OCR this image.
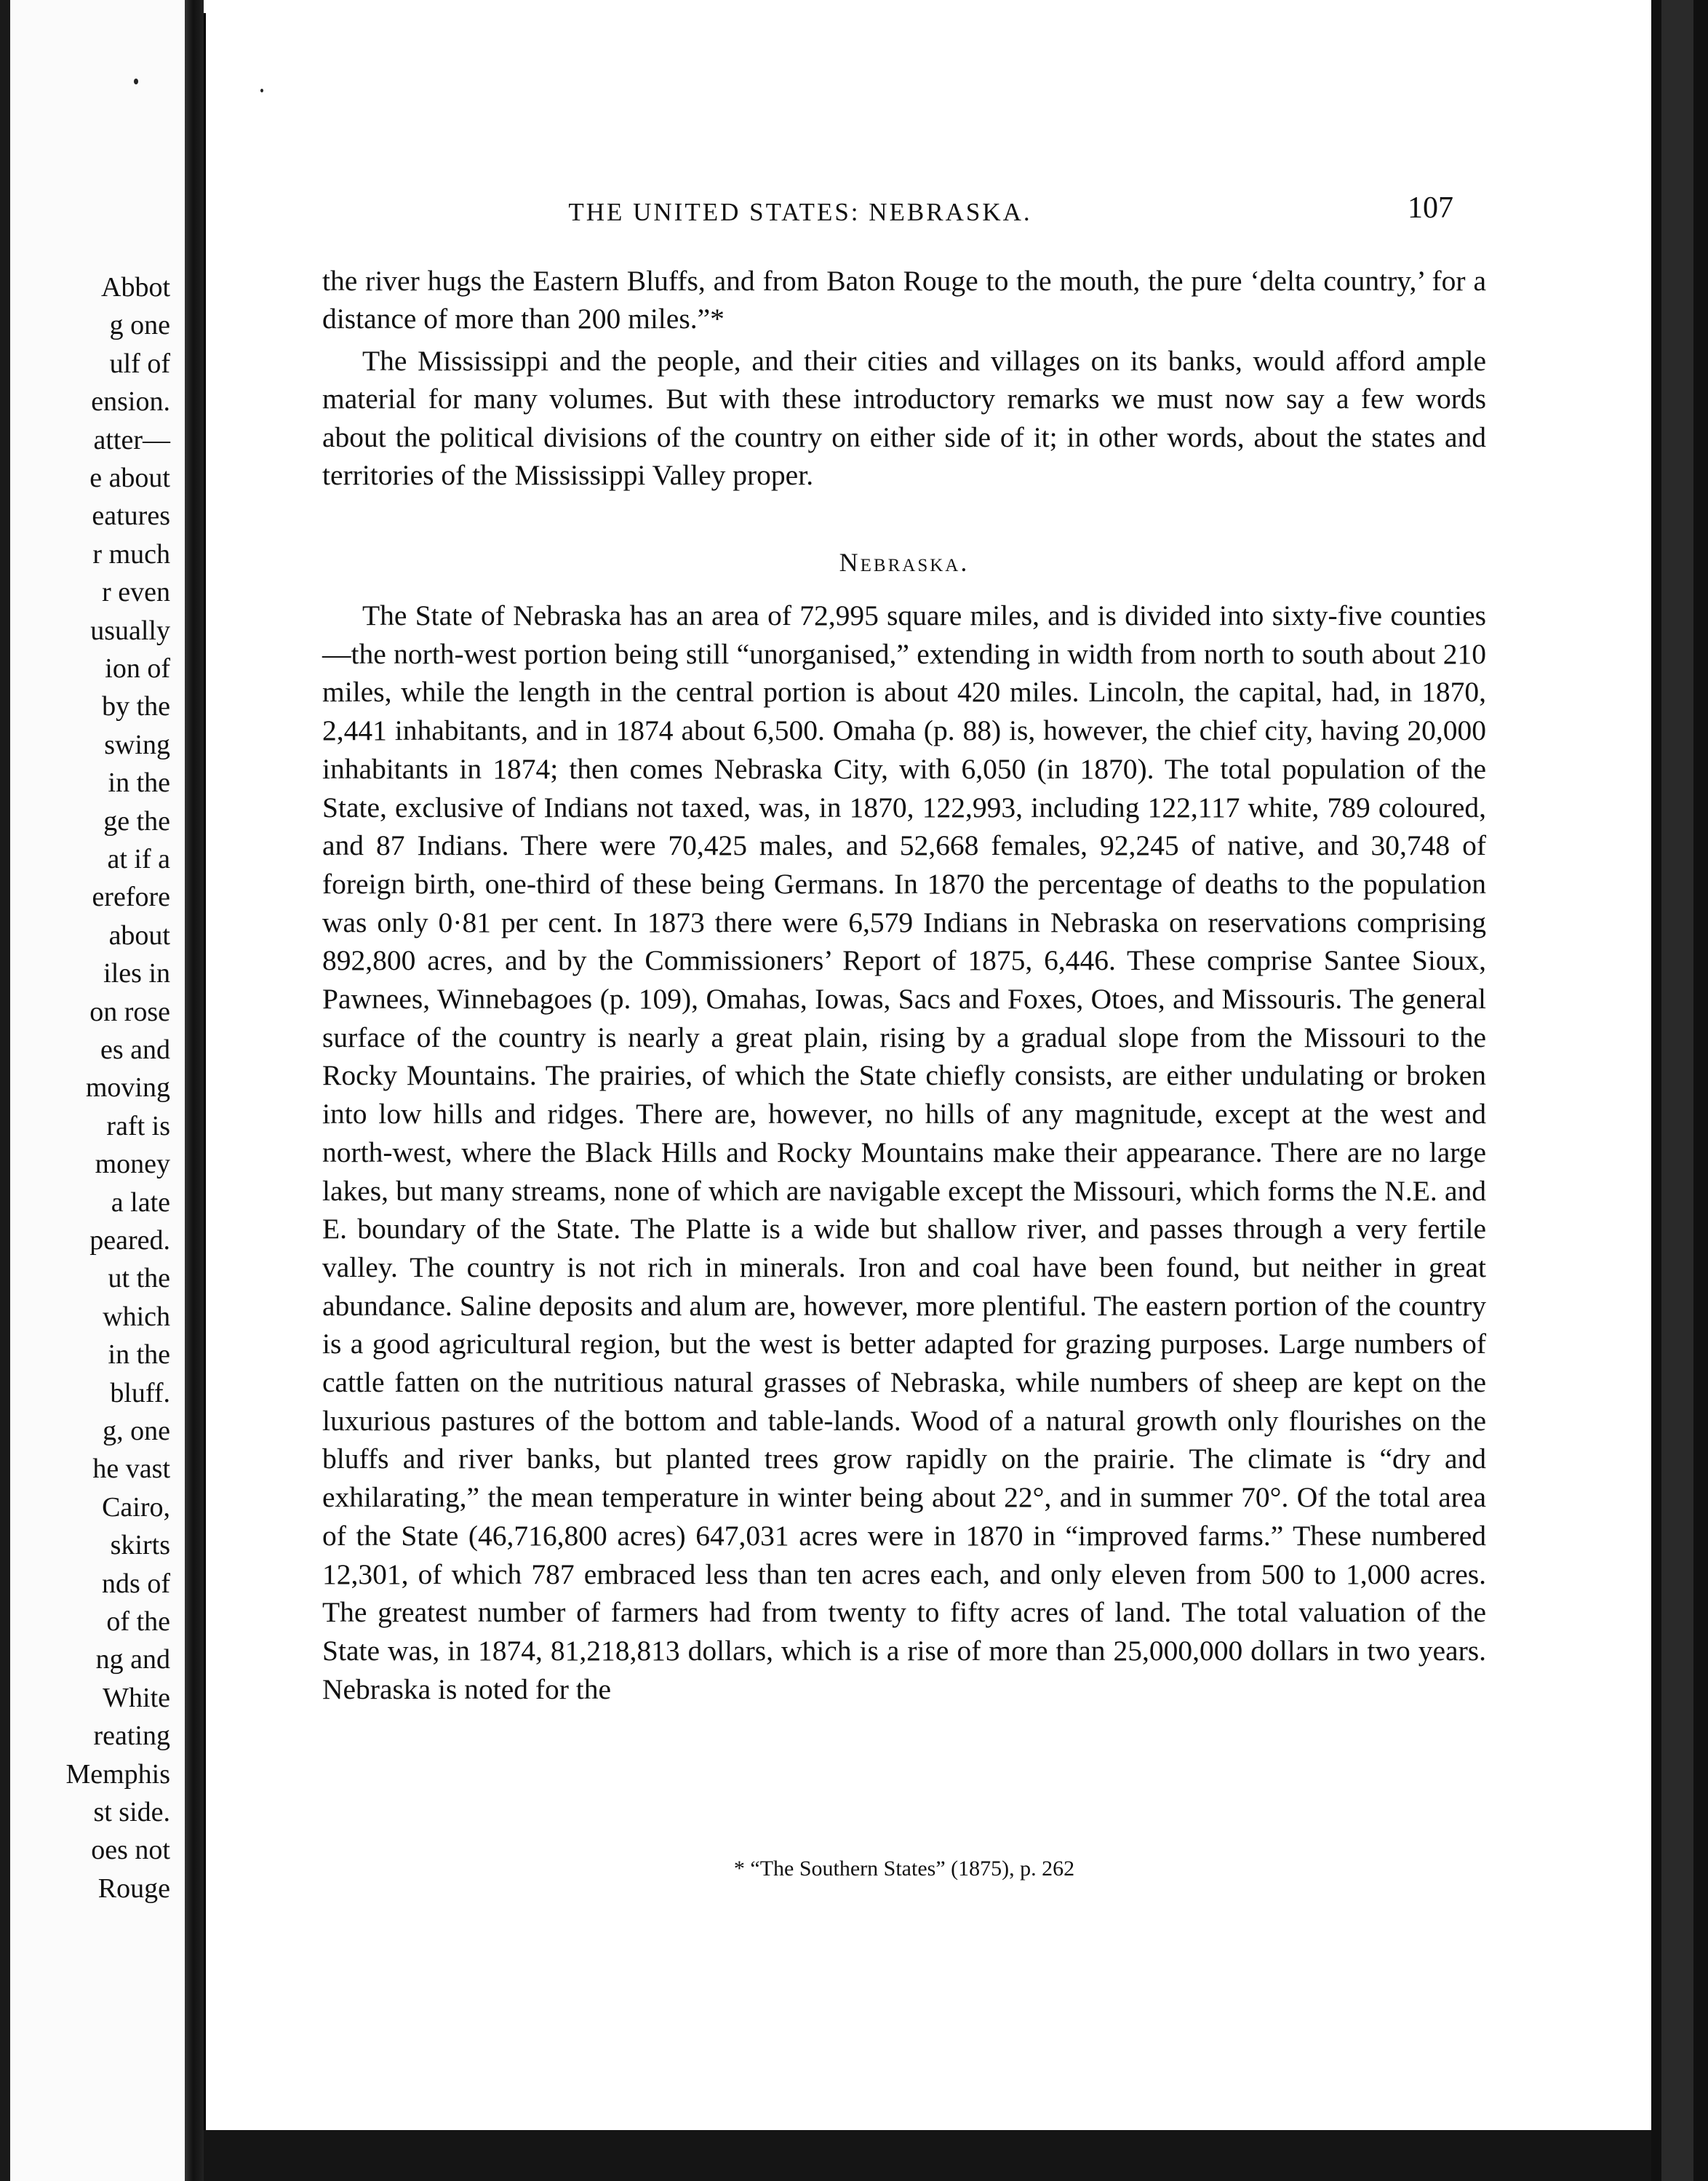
Abbot
g one
ulf of
ension.
atter—
e about
eatures
r much
r even
usually
ion of
by the
swing
in the
ge the
at if a
erefore
about
iles in
on rose
es and
moving
raft is
money
a late
peared.
ut the
which
in the
bluff.
g, one
he vast
Cairo,
skirts
nds of
of the
ng and
White
reating
Memphis
st side.
oes not
Rouge
THE UNITED STATES: NEBRASKA.	107

the river hugs the Eastern Bluffs, and from Baton Rouge to the mouth, the pure ‘delta country,’ for a distance of more than 200 miles.”*

The Mississippi and the people, and their cities and villages on its banks, would afford ample material for many volumes. But with these introductory remarks we must now say a few words about the political divisions of the country on either side of it; in other words, about the states and territories of the Mississippi Valley proper.

Nebraska.

The State of Nebraska has an area of 72,995 square miles, and is divided into sixty-five counties—the north-west portion being still “unorganised,” extending in width from north to south about 210 miles, while the length in the central portion is about 420 miles. Lincoln, the capital, had, in 1870, 2,441 inhabitants, and in 1874 about 6,500. Omaha (p. 88) is, however, the chief city, having 20,000 inhabitants in 1874; then comes Nebraska City, with 6,050 (in 1870). The total population of the State, exclusive of Indians not taxed, was, in 1870, 122,993, including 122,117 white, 789 coloured, and 87 Indians. There were 70,425 males, and 52,668 females, 92,245 of native, and 30,748 of foreign birth, one-third of these being Germans. In 1870 the percentage of deaths to the population was only 0·81 per cent. In 1873 there were 6,579 Indians in Nebraska on reservations comprising 892,800 acres, and by the Commissioners’ Report of 1875, 6,446. These comprise Santee Sioux, Pawnees, Winnebagoes (p. 109), Omahas, Iowas, Sacs and Foxes, Otoes, and Missouris. The general surface of the country is nearly a great plain, rising by a gradual slope from the Missouri to the Rocky Mountains. The prairies, of which the State chiefly consists, are either undulating or broken into low hills and ridges. There are, however, no hills of any magnitude, except at the west and north-west, where the Black Hills and Rocky Mountains make their appearance. There are no large lakes, but many streams, none of which are navigable except the Missouri, which forms the N.E. and E. boundary of the State. The Platte is a wide but shallow river, and passes through a very fertile valley. The country is not rich in minerals. Iron and coal have been found, but neither in great abundance. Saline deposits and alum are, however, more plentiful. The eastern portion of the country is a good agricultural region, but the west is better adapted for grazing purposes. Large numbers of cattle fatten on the nutritious natural grasses of Nebraska, while numbers of sheep are kept on the luxurious pastures of the bottom and table-lands. Wood of a natural growth only flourishes on the bluffs and river banks, but planted trees grow rapidly on the prairie. The climate is “dry and exhilarating,” the mean temperature in winter being about 22°, and in summer 70°. Of the total area of the State (46,716,800 acres) 647,031 acres were in 1870 in “improved farms.” These numbered 12,301, of which 787 embraced less than ten acres each, and only eleven from 500 to 1,000 acres. The greatest number of farmers had from twenty to fifty acres of land. The total valuation of the State was, in 1874, 81,218,813 dollars, which is a rise of more than 25,000,000 dollars in two years. Nebraska is noted for the

* “The Southern States” (1875), p. 262
